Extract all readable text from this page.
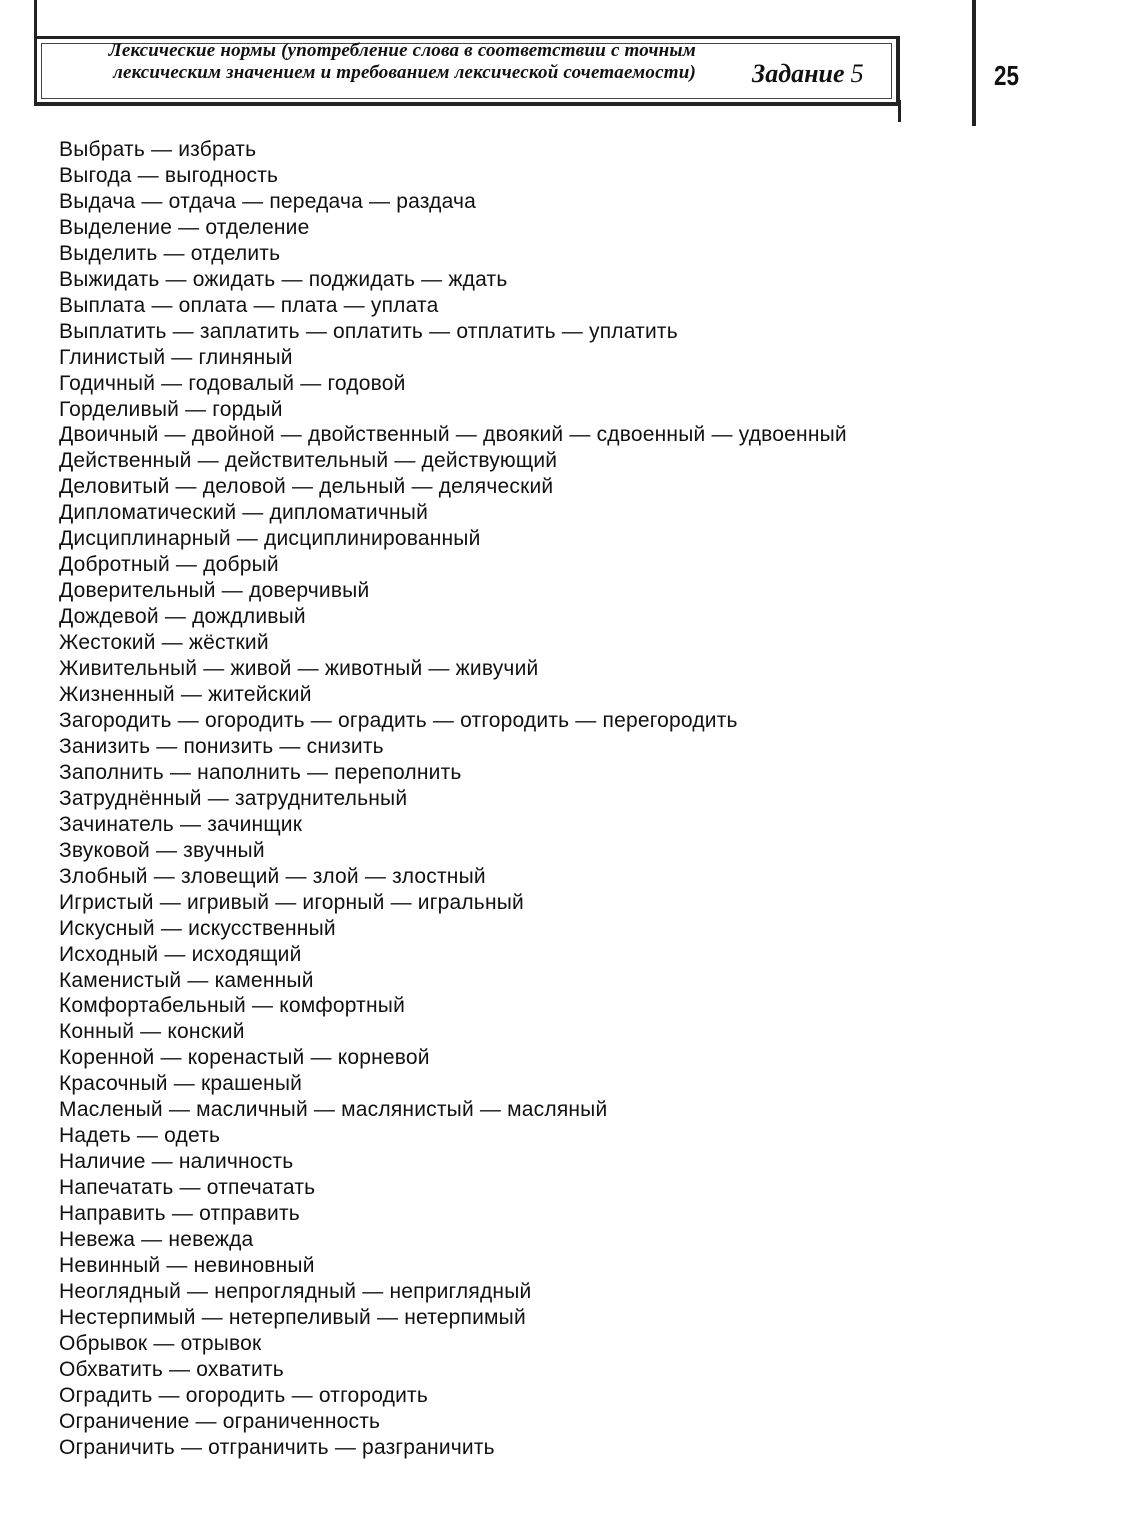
Лексические нормы (употребление слова в соответствии с точным лексическим значением и требованием лексической сочетаемости) Задание 5	25
Выбрать — избрать
Выгода — выгодность
Выдача — отдача — передача — раздача
Выделение — отделение
Выделить — отделить
Выжидать — ожидать — поджидать — ждать
Выплата — оплата — плата — уплата
Выплатить — заплатить — оплатить — отплатить — уплатить
Глинистый — глиняный
Годичный — годовалый — годовой
Горделивый — гордый
Двоичный — двойной — двойственный — двоякий — сдвоенный — удвоенный
Действенный — действительный — действующий
Деловитый — деловой — дельный — деляческий
Дипломатический — дипломатичный
Дисциплинарный — дисциплинированный
Добротный — добрый
Доверительный — доверчивый
Дождевой — дождливый
Жестокий — жёсткий
Живительный — живой — животный — живучий
Жизненный — житейский
Загородить — огородить — оградить — отгородить — перегородить
Занизить — понизить — снизить
Заполнить — наполнить — переполнить
Затруднённый — затруднительный
Зачинатель — зачинщик
Звуковой — звучный
Злобный — зловещий — злой — злостный
Игристый — игривый — игорный — игральный
Искусный — искусственный
Исходный — исходящий
Каменистый — каменный
Комфортабельный — комфортный
Конный — конский
Коренной — коренастый — корневой
Красочный — крашеный
Масленый — масличный — маслянистый — масляный
Надеть — одеть
Наличие — наличность
Напечатать — отпечатать
Направить — отправить
Невежа — невежда
Невинный — невиновный
Неоглядный — непроглядный — неприглядный
Нестерпимый — нетерпеливый — нетерпимый
Обрывок — отрывок
Обхватить — охватить
Оградить — огородить — отгородить
Ограничение — ограниченность
Ограничить — отграничить — разграничить
